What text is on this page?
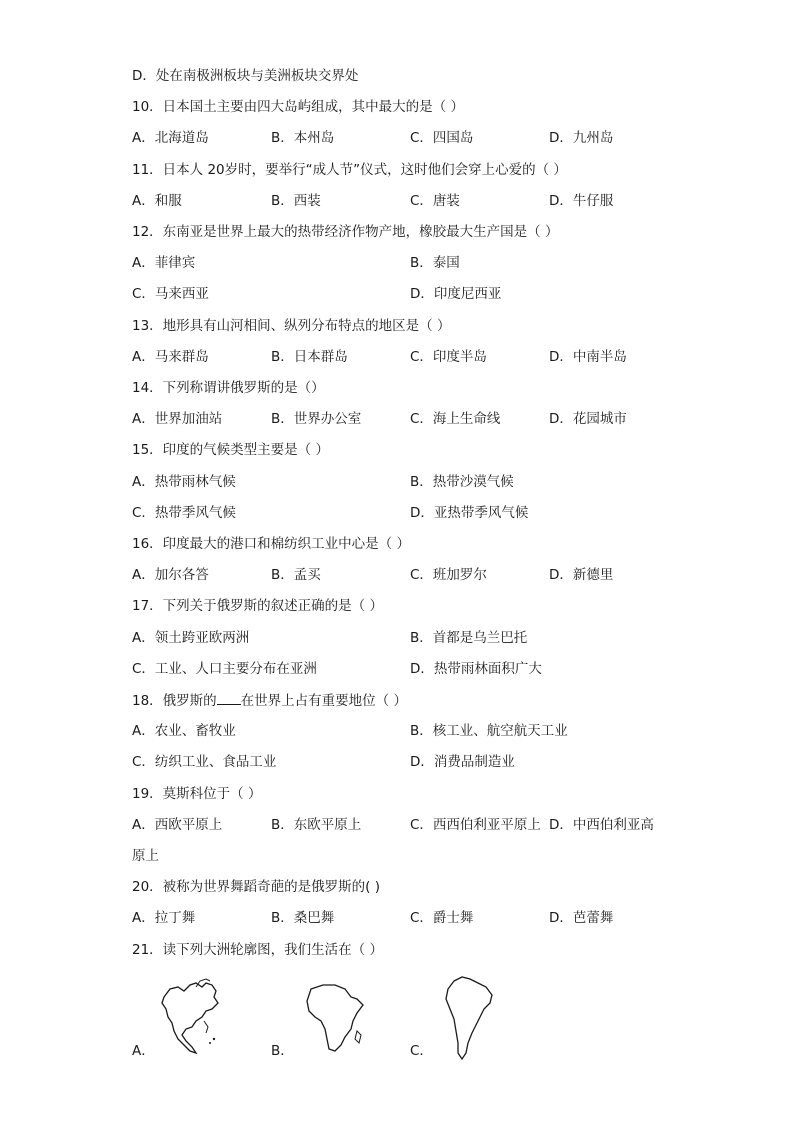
D．处在南极洲板块与美洲板块交界处
10．日本国土主要由四大岛屿组成，其中最大的是（ ）
A．北海道岛	B．本州岛	C．四国岛	D．九州岛
11．日本人 20岁时，要举行“成人节”仪式，这时他们会穿上心爱的（ ）
A．和服	B．西装	C．唐装	D．牛仔服
12．东南亚是世界上最大的热带经济作物产地，橡胶最大生产国是（ ）
A．菲律宾	B．泰国
C．马来西亚	D．印度尼西亚
13．地形具有山河相间、纵列分布特点的地区是（ ）
A．马来群岛	B．日本群岛	C．印度半岛	D．中南半岛
14．下列称谓讲俄罗斯的是（）
A．世界加油站	B．世界办公室	C．海上生命线	D．花园城市
15．印度的气候类型主要是（ ）
A．热带雨林气候	B．热带沙漠气候
C．热带季风气候	D．亚热带季风气候
16．印度最大的港口和棉纺织工业中心是（ ）
A．加尔各答	B．孟买	C．班加罗尔	D．新德里
17．下列关于俄罗斯的叙述正确的是（ ）
A．领土跨亚欧两洲	B．首都是乌兰巴托
C．工业、人口主要分布在亚洲	D．热带雨林面积广大
18．俄罗斯的 在世界上占有重要地位（ ）
A．农业、畜牧业	B．核工业、航空航天工业
C．纺织工业、食品工业	D．消费品制造业
19．莫斯科位于（ ）
A．西欧平原上	B．东欧平原上	C．西西伯利亚平原上 D．中西伯利亚高
原上
20．被称为世界舞蹈奇葩的是俄罗斯的( )
A．拉丁舞	B．桑巴舞	C．爵士舞	D．芭蕾舞
21．读下列大洲轮廓图，我们生活在（ ）
A．	B．	C．
